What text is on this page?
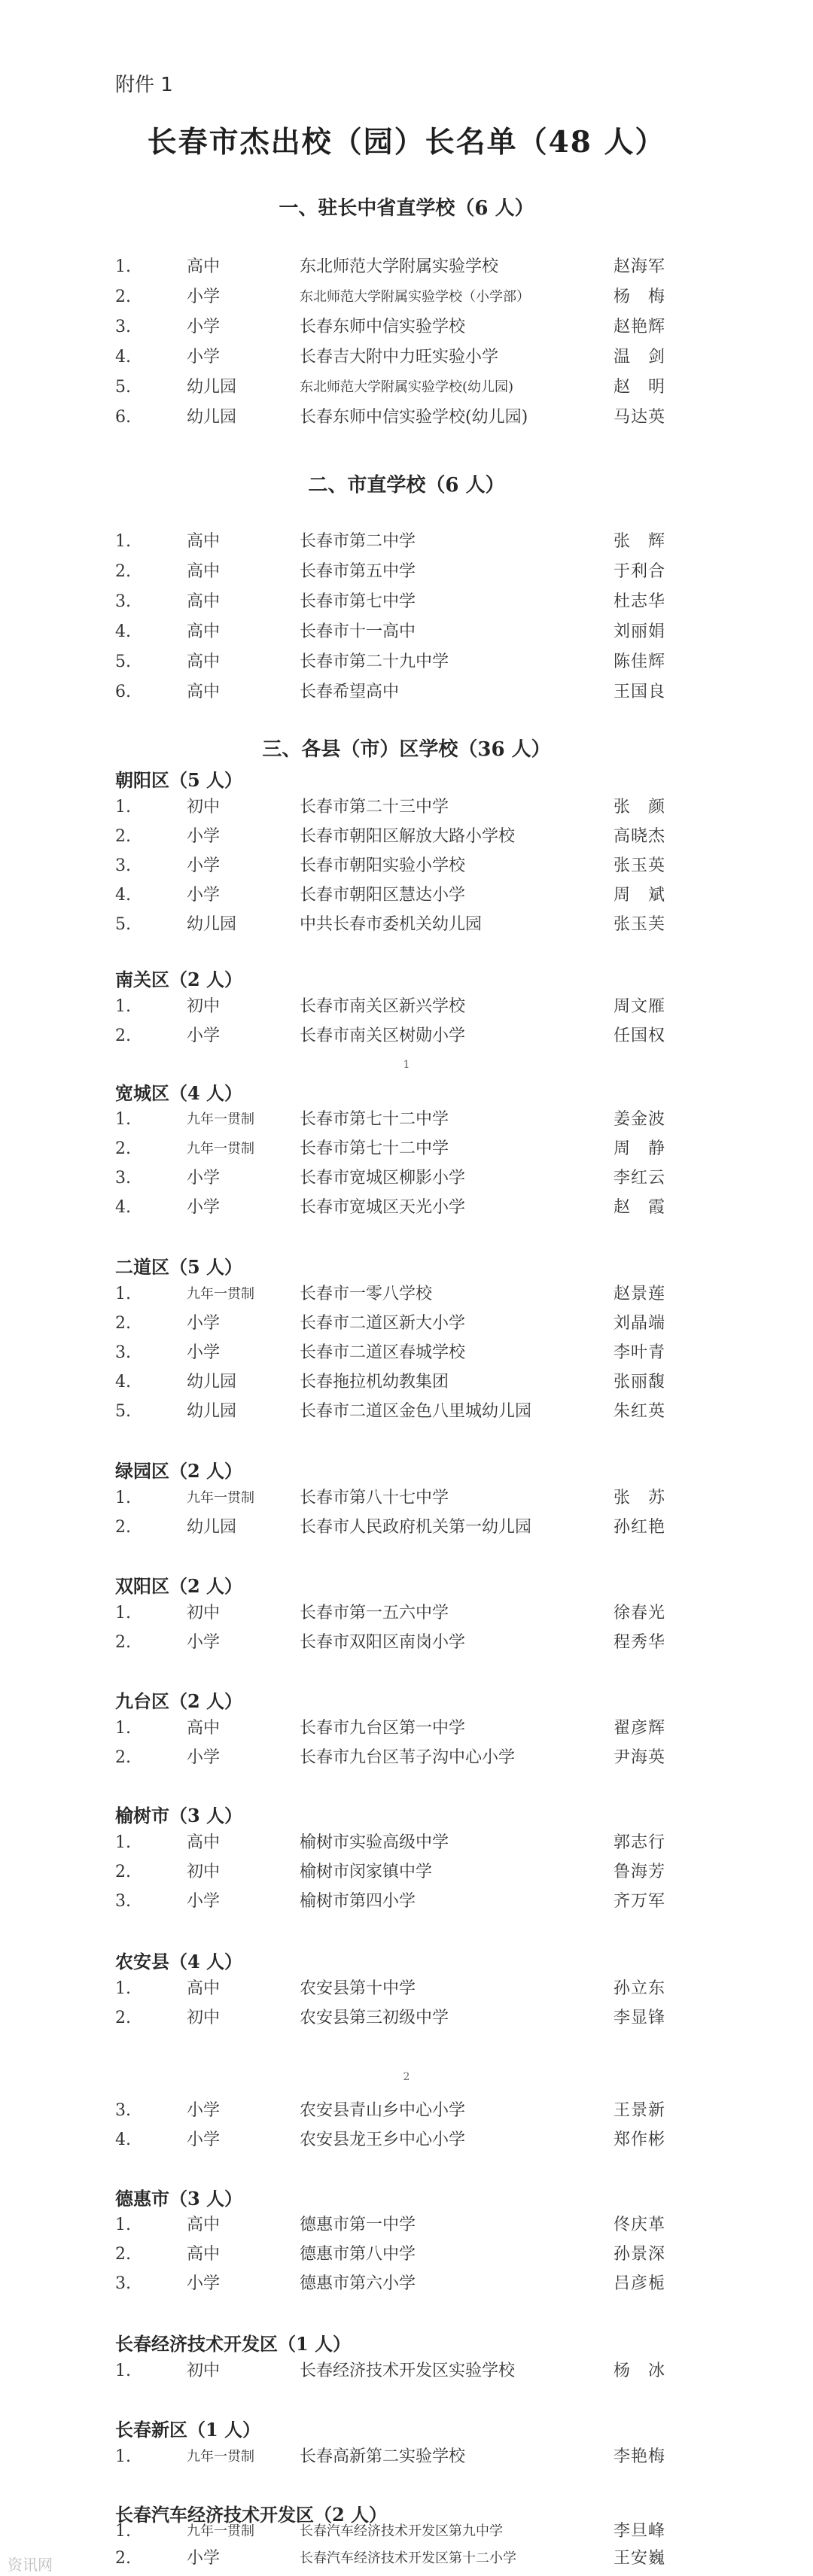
附件 1
长春市杰出校（园）长名单（48 人）
一、驻长中省直学校（6 人）
1.	高中	东北师范大学附属实验学校	赵海军
2.	小学	东北师范大学附属实验学校（小学部）	杨　梅
3.	小学	长春东师中信实验学校	赵艳辉
4.	小学	长春吉大附中力旺实验小学	温　剑
5.	幼儿园	东北师范大学附属实验学校(幼儿园)	赵　明
6.	幼儿园	长春东师中信实验学校(幼儿园)	马达英
二、市直学校（6 人）
1.	高中	长春市第二中学	张　辉
2.	高中	长春市第五中学	于利合
3.	高中	长春市第七中学	杜志华
4.	高中	长春市十一高中	刘丽娟
5.	高中	长春市第二十九中学	陈佳辉
6.	高中	长春希望高中	王国良
三、各县（市）区学校（36 人）
朝阳区（5 人）
1.	初中	长春市第二十三中学	张　颜
2.	小学	长春市朝阳区解放大路小学校	高晓杰
3.	小学	长春市朝阳实验小学校	张玉英
4.	小学	长春市朝阳区慧达小学	周　斌
5.	幼儿园	中共长春市委机关幼儿园	张玉芙
南关区（2 人）
1.	初中	长春市南关区新兴学校	周文雁
2.	小学	长春市南关区树勋小学	任国权
1
宽城区（4 人）
1.	九年一贯制	长春市第七十二中学	姜金波
2.	九年一贯制	长春市第七十二中学	周　静
3.	小学	长春市宽城区柳影小学	李红云
4.	小学	长春市宽城区天光小学	赵　霞
二道区（5 人）
1.	九年一贯制	长春市一零八学校	赵景莲
2.	小学	长春市二道区新大小学	刘晶端
3.	小学	长春市二道区春城学校	李叶青
4.	幼儿园	长春拖拉机幼教集团	张丽馥
5.	幼儿园	长春市二道区金色八里城幼儿园	朱红英
绿园区（2 人）
1.	九年一贯制	长春市第八十七中学	张　苏
2.	幼儿园	长春市人民政府机关第一幼儿园	孙红艳
双阳区（2 人）
1.	初中	长春市第一五六中学	徐春光
2.	小学	长春市双阳区南岗小学	程秀华
九台区（2 人）
1.	高中	长春市九台区第一中学	翟彦辉
2.	小学	长春市九台区苇子沟中心小学	尹海英
榆树市（3 人）
1.	高中	榆树市实验高级中学	郭志行
2.	初中	榆树市闵家镇中学	鲁海芳
3.	小学	榆树市第四小学	齐万军
农安县（4 人）
1.	高中	农安县第十中学	孙立东
2.	初中	农安县第三初级中学	李显锋
2
3.	小学	农安县青山乡中心小学	王景新
4.	小学	农安县龙王乡中心小学	郑作彬
德惠市（3 人）
1.	高中	德惠市第一中学	佟庆革
2.	高中	德惠市第八中学	孙景深
3.	小学	德惠市第六小学	吕彦栀
长春经济技术开发区（1 人）
1.	初中	长春经济技术开发区实验学校	杨　冰
长春新区（1 人）
1.	九年一贯制	长春高新第二实验学校	李艳梅
长春汽车经济技术开发区（2 人）
1.	九年一贯制	长春汽车经济技术开发区第九中学	李旦峰
2.	小学	长春汽车经济技术开发区第十二小学	王安巍
资讯网
